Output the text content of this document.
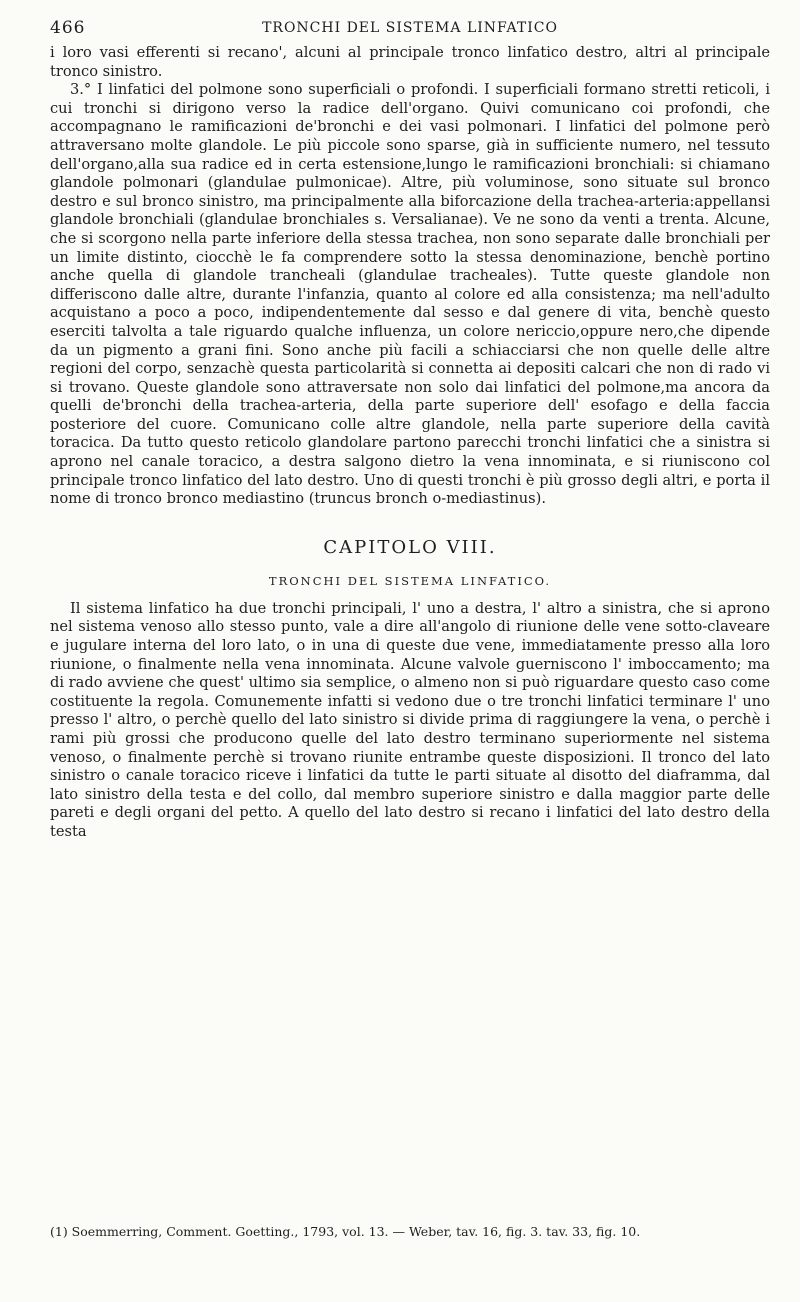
466	TRONCHI DEL SISTEMA LINFATICO

i loro vasi efferenti si recano', alcuni al principale tronco linfatico destro, altri al principale tronco sinistro.

3.° I linfatici del polmone sono superficiali o profondi. I superficiali formano stretti reticoli, i cui tronchi si dirigono verso la radice dell'organo. Quivi comunicano coi profondi, che accompagnano le ramificazioni de'bronchi e dei vasi polmonari. I linfatici del polmone però attraversano molte glandole. Le più piccole sono sparse, già in sufficiente numero, nel tessuto dell'organo,alla sua radice ed in certa estensione,lungo le ramificazioni bronchiali: si chiamano glandole polmonari (glandulae pulmonicae). Altre, più voluminose, sono situate sul bronco destro e sul bronco sinistro, ma principalmente alla biforcazione della trachea-arteria:appellansi glandole bronchiali (glandulae bronchiales s. Versalianae). Ve ne sono da venti a trenta. Alcune, che si scorgono nella parte inferiore della stessa trachea, non sono separate dalle bronchiali per un limite distinto, ciocchè le fa comprendere sotto la stessa denominazione, benchè portino anche quella di glandole trancheali (glandulae tracheales). Tutte queste glandole non differiscono dalle altre, durante l'infanzia, quanto al colore ed alla consistenza; ma nell'adulto acquistano a poco a poco, indipendentemente dal sesso e dal genere di vita, benchè questo eserciti talvolta a tale riguardo qualche influenza, un colore nericcio,oppure nero,che dipende da un pigmento a grani fini. Sono anche più facili a schiacciarsi che non quelle delle altre regioni del corpo, senzachè questa particolarità si connetta ai depositi calcari che non di rado vi si trovano. Queste glandole sono attraversate non solo dai linfatici del polmone,ma ancora da quelli de'bronchi della trachea-arteria, della parte superiore dell' esofago e della faccia posteriore del cuore. Comunicano colle altre glandole, nella parte superiore della cavità toracica. Da tutto questo reticolo glandolare partono parecchi tronchi linfatici che a sinistra si aprono nel canale toracico, a destra salgono dietro la vena innominata, e si riuniscono col principale tronco linfatico del lato destro. Uno di questi tronchi è più grosso degli altri, e porta il nome di tronco bronco mediastino (truncus bronch o-mediastinus).

CAPITOLO VIII.
TRONCHI DEL SISTEMA LINFATICO.

Il sistema linfatico ha due tronchi principali, l' uno a destra, l' altro a sinistra, che si aprono nel sistema venoso allo stesso punto, vale a dire all'angolo di riunione delle vene sotto-claveare e jugulare interna del loro lato, o in una di queste due vene, immediatamente presso alla loro riunione, o finalmente nella vena innominata. Alcune valvole guerniscono l' imboccamento; ma di rado avviene che quest' ultimo sia semplice, o almeno non si può riguardare questo caso come costituente la regola. Comunemente infatti si vedono due o tre tronchi linfatici terminare l' uno presso l' altro, o perchè quello del lato sinistro si divide prima di raggiungere la vena, o perchè i rami più grossi che producono quelle del lato destro terminano superiormente nel sistema venoso, o finalmente perchè si trovano riunite entrambe queste disposizioni. Il tronco del lato sinistro o canale toracico riceve i linfatici da tutte le parti situate al disotto del diaframma, dal lato sinistro della testa e del collo, dal membro superiore sinistro e dalla maggior parte delle pareti e degli organi del petto. A quello del lato destro si recano i linfatici del lato destro della testa

(1) Soemmerring, Comment. Goetting., 1793, vol. 13. — Weber, tav. 16, fig. 3. tav. 33, fig. 10.
